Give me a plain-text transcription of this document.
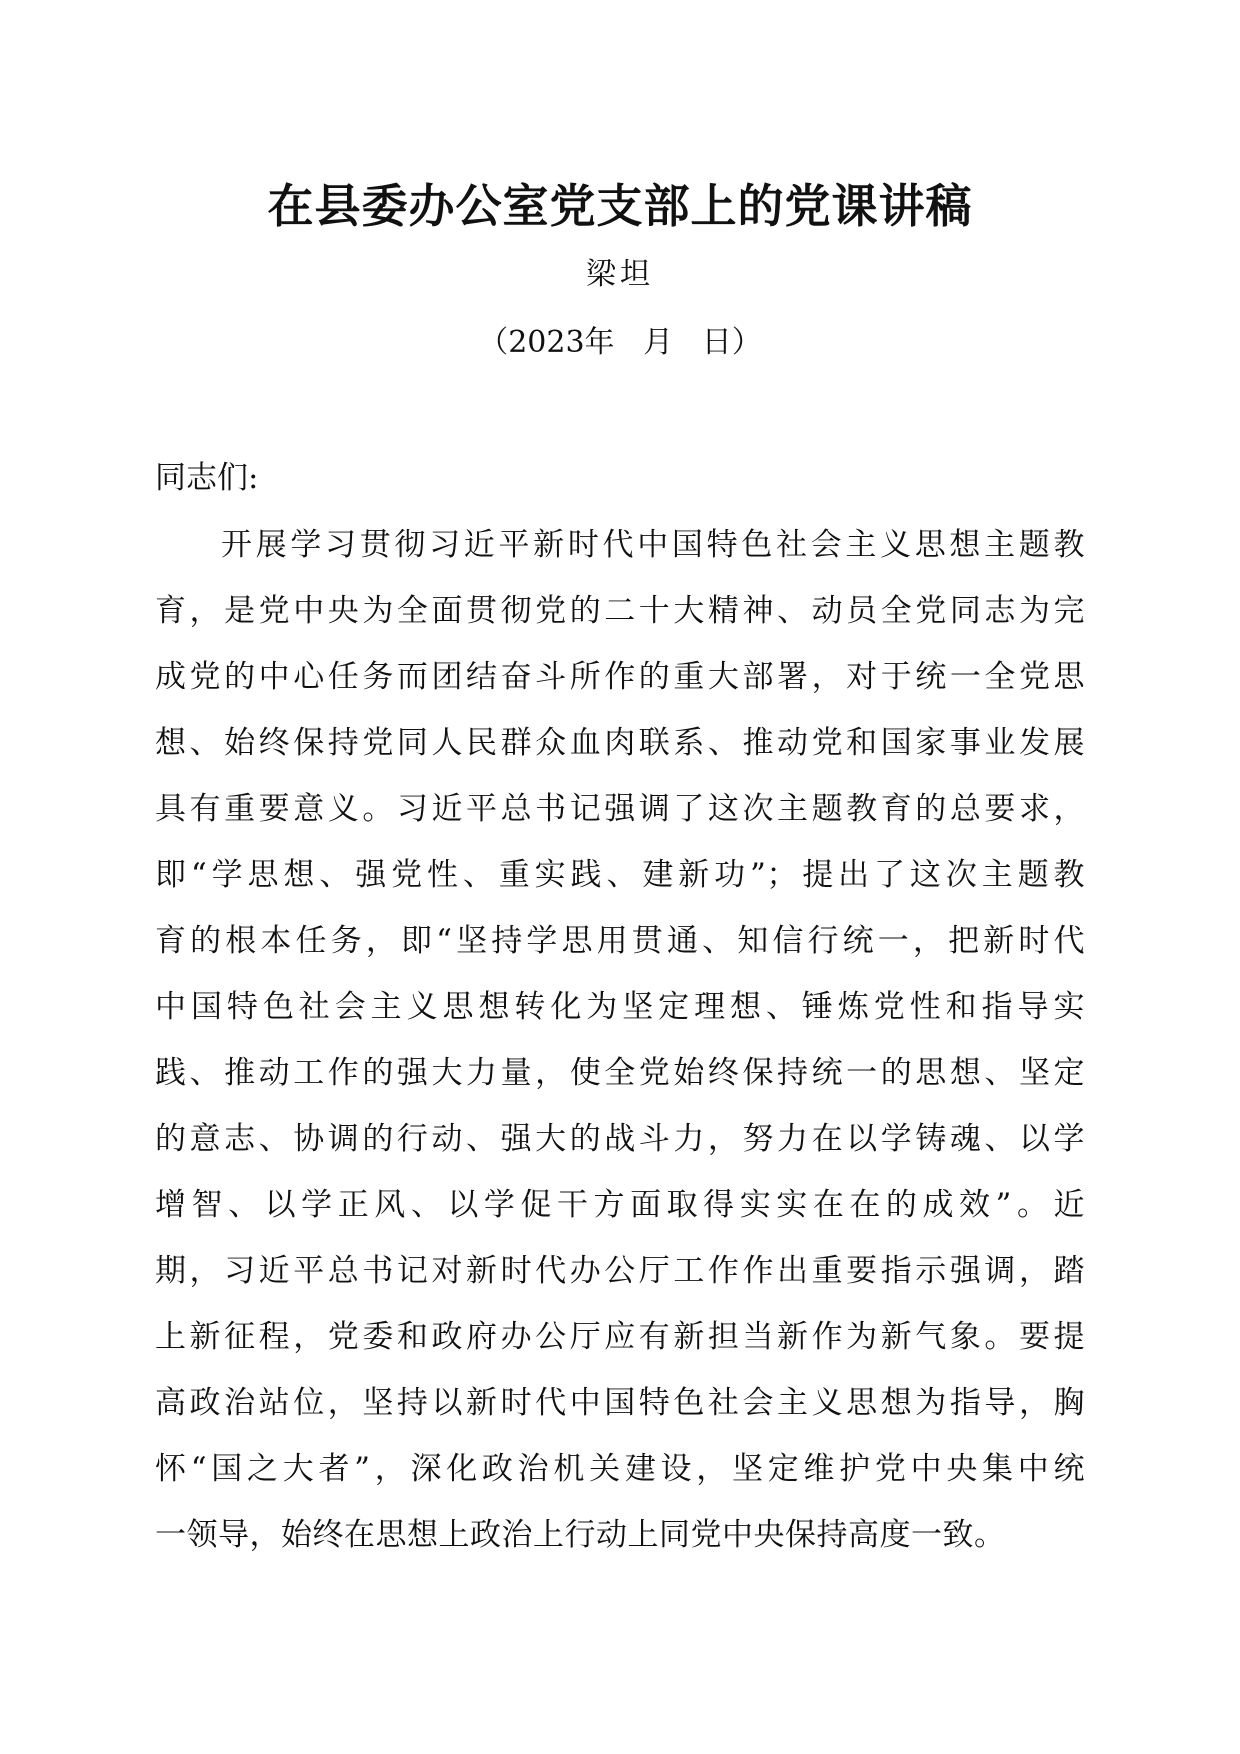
在县委办公室党支部上的党课讲稿
梁坦
（2023年   月   日）
同志们:
开展学习贯彻习近平新时代中国特色社会主义思想主题教
育，是党中央为全面贯彻党的二十大精神、动员全党同志为完
成党的中心任务而团结奋斗所作的重大部署，对于统一全党思
想、始终保持党同人民群众血肉联系、推动党和国家事业发展
具有重要意义。习近平总书记强调了这次主题教育的总要求，
即“学思想、强党性、重实践、建新功”；提出了这次主题教
育的根本任务，即“坚持学思用贯通、知信行统一，把新时代
中国特色社会主义思想转化为坚定理想、锤炼党性和指导实
践、推动工作的强大力量，使全党始终保持统一的思想、坚定
的意志、协调的行动、强大的战斗力，努力在以学铸魂、以学
增智、以学正风、以学促干方面取得实实在在的成效”。近
期，习近平总书记对新时代办公厅工作作出重要指示强调，踏
上新征程，党委和政府办公厅应有新担当新作为新气象。要提
高政治站位，坚持以新时代中国特色社会主义思想为指导，胸
怀“国之大者”，深化政治机关建设，坚定维护党中央集中统
一领导，始终在思想上政治上行动上同党中央保持高度一致。
